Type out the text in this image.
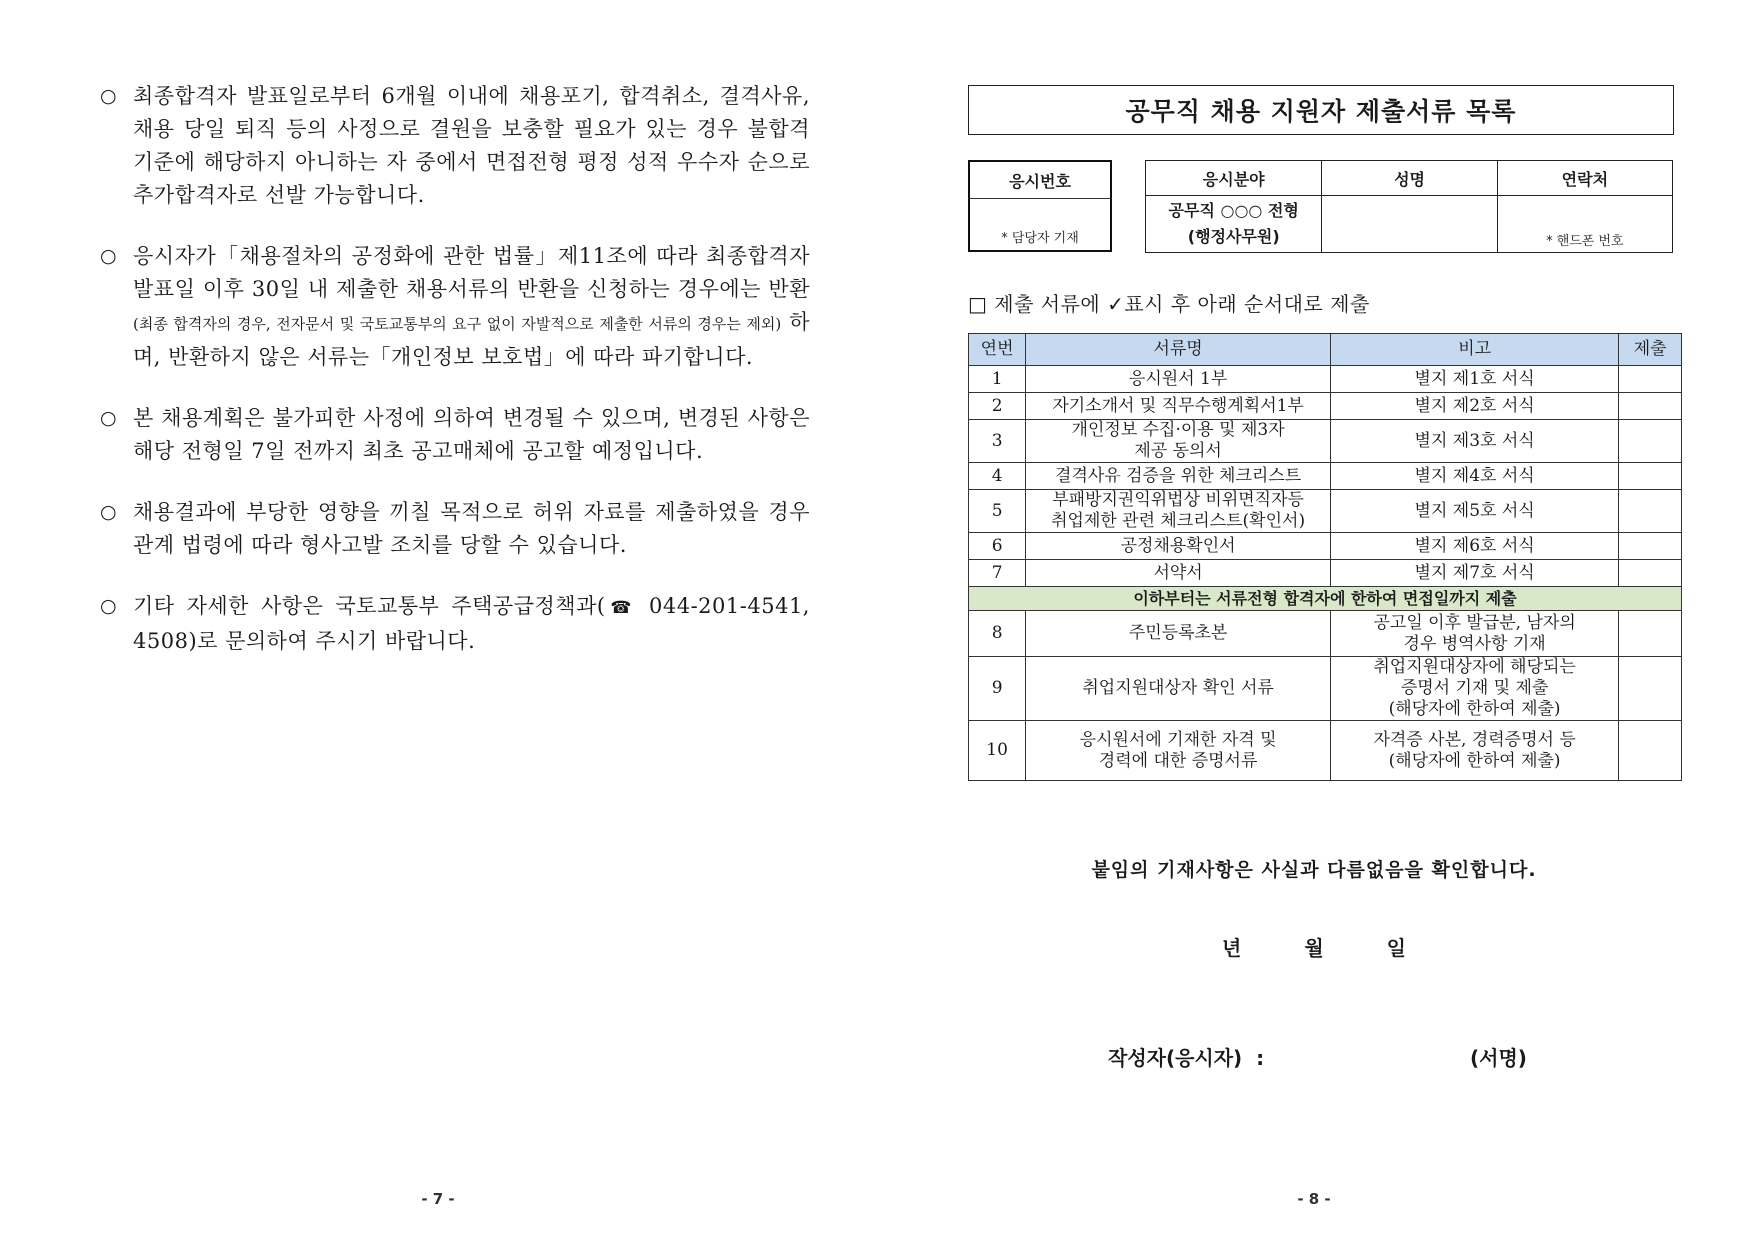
○ 최종합격자 발표일로부터 6개월 이내에 채용포기, 합격취소, 결격사유, 채용 당일 퇴직 등의 사정으로 결원을 보충할 필요가 있는 경우 불합격 기준에 해당하지 아니하는 자 중에서 면접전형 평정 성적 우수자 순으로 추가합격자로 선발 가능합니다.
○ 응시자가「채용절차의 공정화에 관한 법률」제11조에 따라 최종합격자 발표일 이후 30일 내 제출한 채용서류의 반환을 신청하는 경우에는 반환(최종 합격자의 경우, 전자문서 및 국토교통부의 요구 없이 자발적으로 제출한 서류의 경우는 제외) 하며, 반환하지 않은 서류는「개인정보 보호법」에 따라 파기합니다.
○ 본 채용계획은 불가피한 사정에 의하여 변경될 수 있으며, 변경된 사항은 해당 전형일 7일 전까지 최초 공고매체에 공고할 예정입니다.
○ 채용결과에 부당한 영향을 끼칠 목적으로 허위 자료를 제출하였을 경우 관계 법령에 따라 형사고발 조치를 당할 수 있습니다.
○ 기타 자세한 사항은 국토교통부 주택공급정책과(☎ 044-201-4541, 4508)로 문의하여 주시기 바랍니다.
- 7 -
공무직 채용 지원자 제출서류 목록
응시번호
* 담당자 기재
응시분야	성명	연락처

공무직 ○○○ 전형
(행정사무원)		* 핸드폰 번호
□ 제출 서류에 ✓표시 후 아래 순서대로 제출
연번	서류명	비고	제출
1	응시원서 1부	별지 제1호 서식	
2	자기소개서 및 직무수행계획서1부	별지 제2호 서식	
3	개인정보 수집·이용 및 제3자
제공 동의서	별지 제3호 서식	
4	결격사유 검증을 위한 체크리스트	별지 제4호 서식	
5	부패방지권익위법상 비위면직자등
취업제한 관련 체크리스트(확인서)	별지 제5호 서식	
6	공정채용확인서	별지 제6호 서식	
7	서약서	별지 제7호 서식	
이하부터는 서류전형 합격자에 한하여 면접일까지 제출			
8	주민등록초본	공고일 이후 발급분, 남자의
경우 병역사항 기재	
9	취업지원대상자 확인 서류	취업지원대상자에 해당되는
증명서 기재 및 제출
(해당자에 한하여 제출)	
10	응시원서에 기재한 자격 및
경력에 대한 증명서류	자격증 사본, 경력증명서 등
(해당자에 한하여 제출)	
붙임의 기재사항은 사실과 다름없음을 확인합니다.
년	월	일
작성자(응시자)  :	(서명)
- 8 -
